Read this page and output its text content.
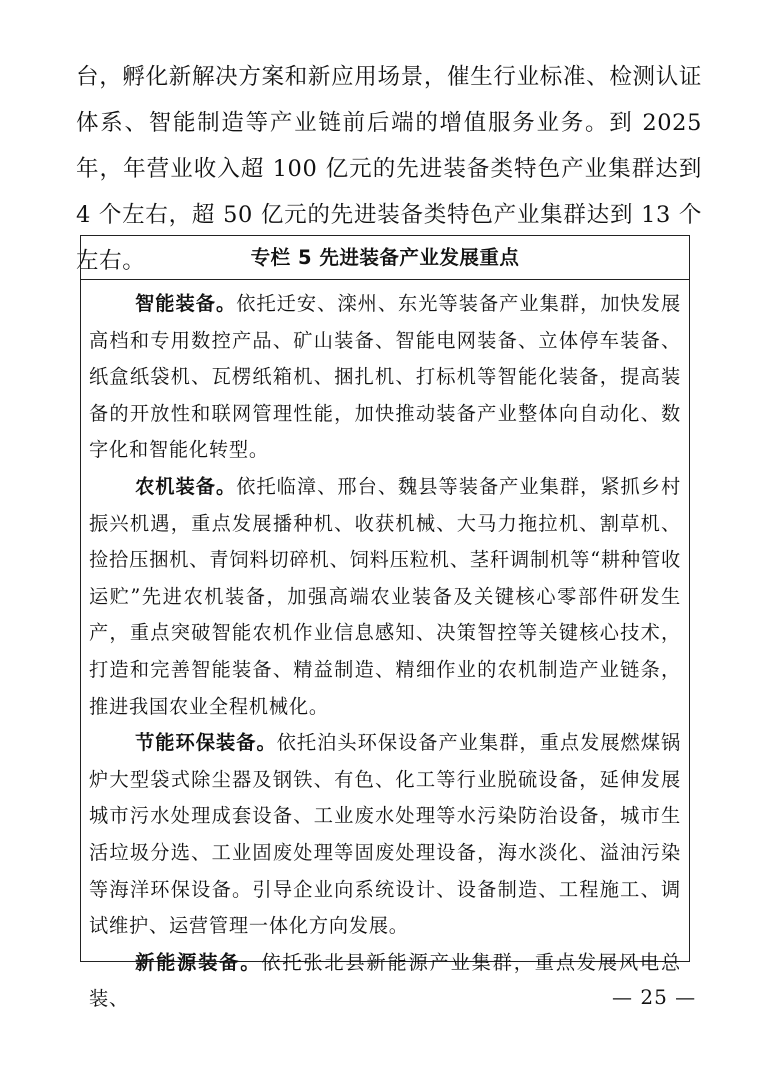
台，孵化新解决方案和新应用场景，催生行业标准、检测认证体系、智能制造等产业链前后端的增值服务业务。到 2025 年，年营业收入超 100 亿元的先进装备类特色产业集群达到 4 个左右，超 50 亿元的先进装备类特色产业集群达到 13 个左右。	专栏 5 先进装备产业发展重点

智能装备。依托迁安、滦州、东光等装备产业集群，加快发展高档和专用数控产品、矿山装备、智能电网装备、立体停车装备、纸盒纸袋机、瓦楞纸箱机、捆扎机、打标机等智能化装备，提高装备的开放性和联网管理性能，加快推动装备产业整体向自动化、数字化和智能化转型。

农机装备。依托临漳、邢台、魏县等装备产业集群，紧抓乡村振兴机遇，重点发展播种机、收获机械、大马力拖拉机、割草机、捡拾压捆机、青饲料切碎机、饲料压粒机、茎秆调制机等“耕种管收运贮”先进农机装备，加强高端农业装备及关键核心零部件研发生产，重点突破智能农机作业信息感知、决策智控等关键核心技术，打造和完善智能装备、精益制造、精细作业的农机制造产业链条，推进我国农业全程机械化。

节能环保装备。依托泊头环保设备产业集群，重点发展燃煤锅炉大型袋式除尘器及钢铁、有色、化工等行业脱硫设备，延伸发展城市污水处理成套设备、工业废水处理等水污染防治设备，城市生活垃圾分选、工业固废处理等固废处理设备，海水淡化、溢油污染等海洋环保设备。引导企业向系统设计、设备制造、工程施工、调试维护、运营管理一体化方向发展。

新能源装备。依托张北县新能源产业集群，重点发展风电总装、	— 25 —
